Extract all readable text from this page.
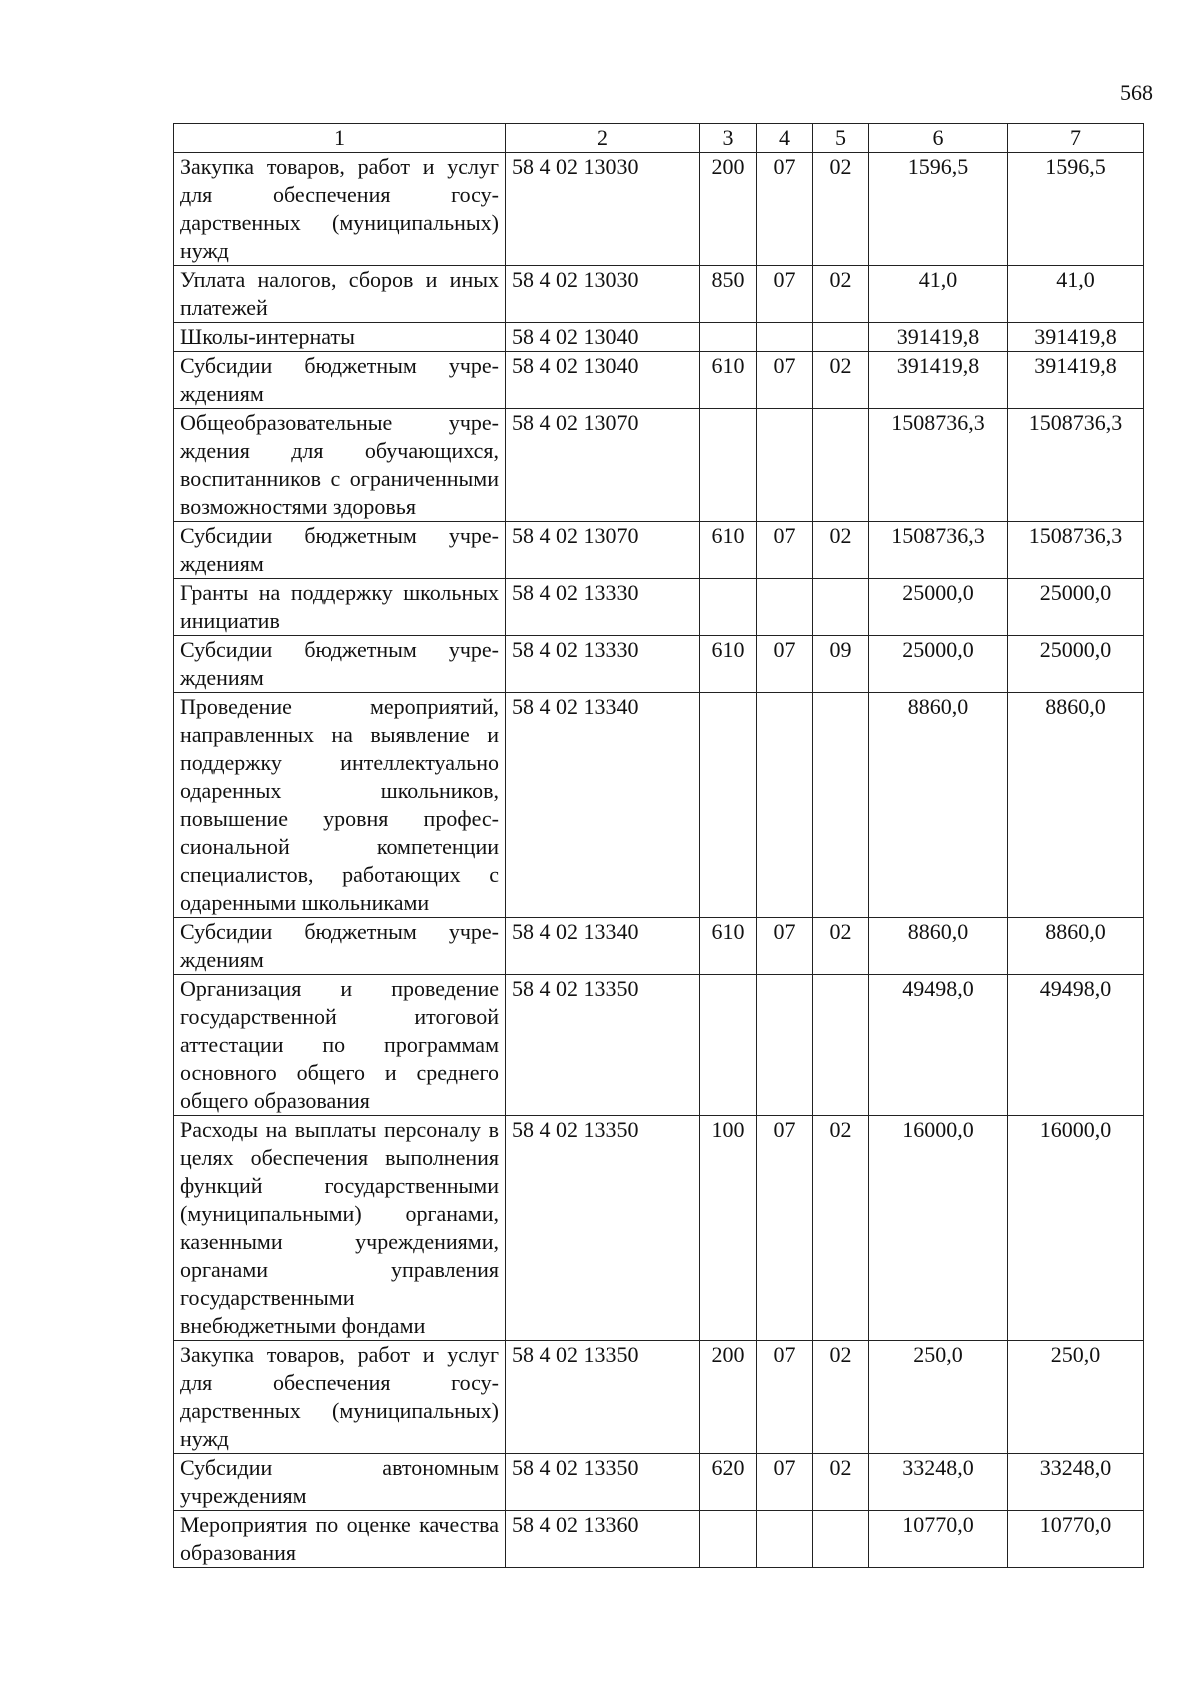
568
1	2	3	4	5	6	7
Закупка товаров, работ и услуг для обеспечения государственных (муниципальных) нужд	58 4 02 13030	200	07	02	1596,5	1596,5
Уплата налогов, сборов и иных платежей	58 4 02 13030	850	07	02	41,0	41,0
Школы-интернаты	58 4 02 13040				391419,8	391419,8
Субсидии бюджетным учреждениям	58 4 02 13040	610	07	02	391419,8	391419,8
Общеобразовательные учреждения для обучающихся, воспитанников с ограниченными возможностями здоровья	58 4 02 13070				1508736,3	1508736,3
Субсидии бюджетным учреждениям	58 4 02 13070	610	07	02	1508736,3	1508736,3
Гранты на поддержку школьных инициатив	58 4 02 13330				25000,0	25000,0
Субсидии бюджетным учреждениям	58 4 02 13330	610	07	09	25000,0	25000,0
Проведение мероприятий, направленных на выявление и поддержку интеллектуально одаренных школьников, повышение уровня профессиональной компетенции специалистов, работающих с одаренными школьниками	58 4 02 13340				8860,0	8860,0
Субсидии бюджетным учреждениям	58 4 02 13340	610	07	02	8860,0	8860,0
Организация и проведение государственной итоговой аттестации по программам основного общего и среднего общего образования	58 4 02 13350				49498,0	49498,0
Расходы на выплаты персоналу в целях обеспечения выполнения функций государственными (муниципальными) органами, казенными учреждениями, органами управления государственными внебюджетными фондами	58 4 02 13350	100	07	02	16000,0	16000,0
Закупка товаров, работ и услуг для обеспечения государственных (муниципальных) нужд	58 4 02 13350	200	07	02	250,0	250,0
Субсидии автономным учреждениям	58 4 02 13350	620	07	02	33248,0	33248,0
Мероприятия по оценке качества образования	58 4 02 13360				10770,0	10770,0
